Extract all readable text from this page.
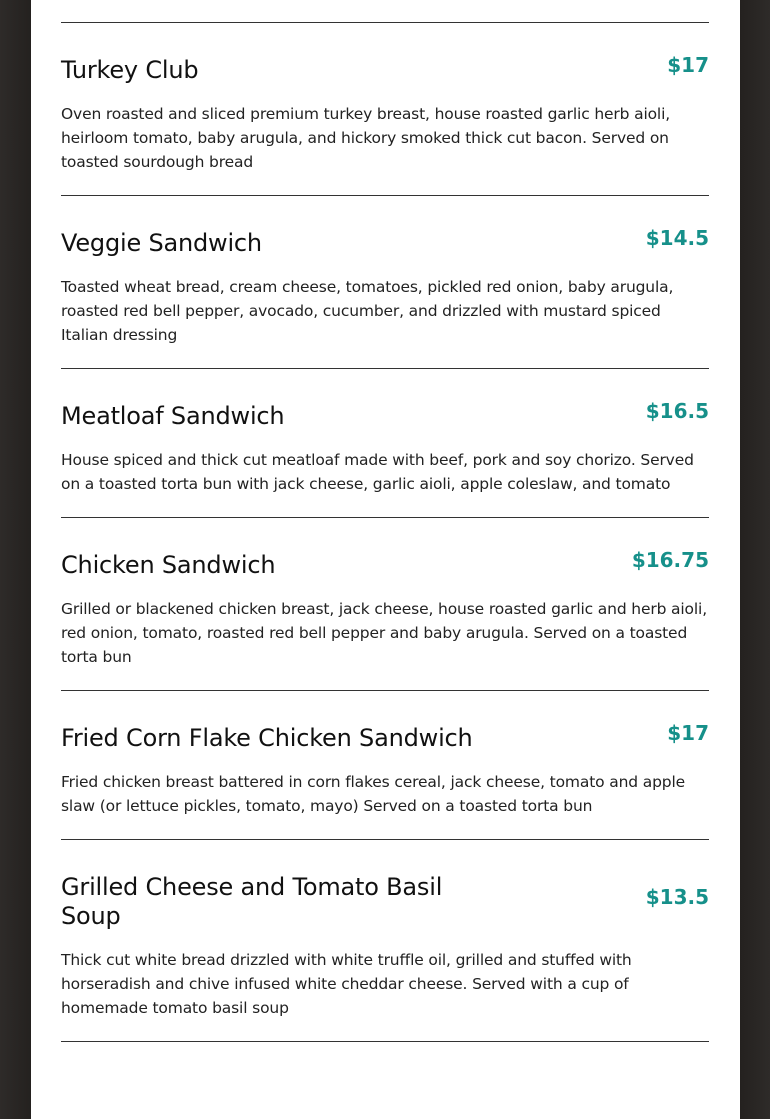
Turkey Club	$17

Oven roasted and sliced premium turkey breast, house roasted garlic herb aioli, heirloom tomato, baby arugula, and hickory smoked thick cut bacon. Served on toasted sourdough bread

Veggie Sandwich	$14.5

Toasted wheat bread, cream cheese, tomatoes, pickled red onion, baby arugula, roasted red bell pepper, avocado, cucumber, and drizzled with mustard spiced Italian dressing

Meatloaf Sandwich	$16.5

House spiced and thick cut meatloaf made with beef, pork and soy chorizo. Served on a toasted torta bun with jack cheese, garlic aioli, apple coleslaw, and tomato

Chicken Sandwich	$16.75

Grilled or blackened chicken breast, jack cheese, house roasted garlic and herb aioli, red onion, tomato, roasted red bell pepper and baby arugula. Served on a toasted torta bun

Fried Corn Flake Chicken Sandwich	$17

Fried chicken breast battered in corn flakes cereal, jack cheese, tomato and apple slaw (or lettuce pickles, tomato, mayo) Served on a toasted torta bun

Grilled Cheese and Tomato Basil Soup
$13.5

Thick cut white bread drizzled with white truffle oil, grilled and stuffed with horseradish and chive infused white cheddar cheese. Served with a cup of homemade tomato basil soup
